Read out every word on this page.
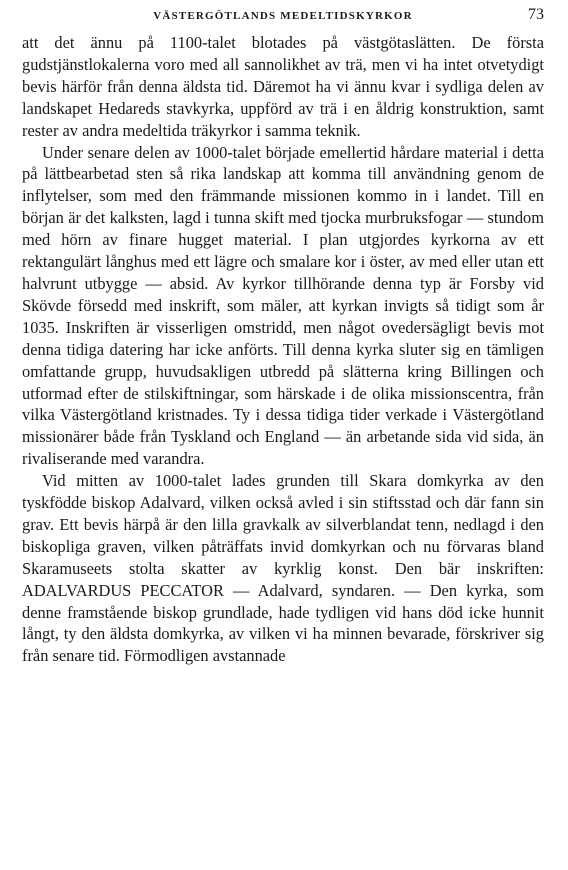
VÄSTERGÖTLANDS MEDELTIDSKYRKOR	73

att det ännu på 1100-talet blotades på västgötaslätten. De första gudstjänstlokalerna voro med all sannolikhet av trä, men vi ha intet otvetydigt bevis härför från denna äldsta tid. Däremot ha vi ännu kvar i sydliga delen av landskapet Hedareds stavkyrka, uppförd av trä i en åldrig konstruktion, samt rester av andra medeltida träkyrkor i samma teknik.

Under senare delen av 1000-talet började emellertid hårdare material i detta på lättbearbetad sten så rika landskap att komma till användning genom de inflytelser, som med den främmande missionen kommo in i landet. Till en början är det kalksten, lagd i tunna skift med tjocka murbruksfogar — stundom med hörn av finare hugget material. I plan utgjordes kyrkorna av ett rektangulärt långhus med ett lägre och smalare kor i öster, av med eller utan ett halvrunt utbygge — absid. Av kyrkor tillhörande denna typ är Forsby vid Skövde försedd med inskrift, som mäler, att kyrkan invigts så tidigt som år 1035. Inskriften är visserligen omstridd, men något ovedersägligt bevis mot denna tidiga datering har icke anförts. Till denna kyrka sluter sig en tämligen omfattande grupp, huvudsakligen utbredd på slätterna kring Billingen och utformad efter de stilskiftningar, som härskade i de olika missionscentra, från vilka Västergötland kristnades. Ty i dessa tidiga tider verkade i Västergötland missionärer både från Tyskland och England — än arbetande sida vid sida, än rivaliserande med varandra.

Vid mitten av 1000-talet lades grunden till Skara domkyrka av den tyskfödde biskop Adalvard, vilken också avled i sin stiftsstad och där fann sin grav. Ett bevis härpå är den lilla gravkalk av silverblandat tenn, nedlagd i den biskopliga graven, vilken påträffats invid domkyrkan och nu förvaras bland Skaramuseets stolta skatter av kyrklig konst. Den bär inskriften: ADALVARDUS PECCATOR — Adalvard, syndaren. — Den kyrka, som denne framstående biskop grundlade, hade tydligen vid hans död icke hunnit långt, ty den äldsta domkyrka, av vilken vi ha minnen bevarade, förskriver sig från senare tid. Förmodligen avstannade
